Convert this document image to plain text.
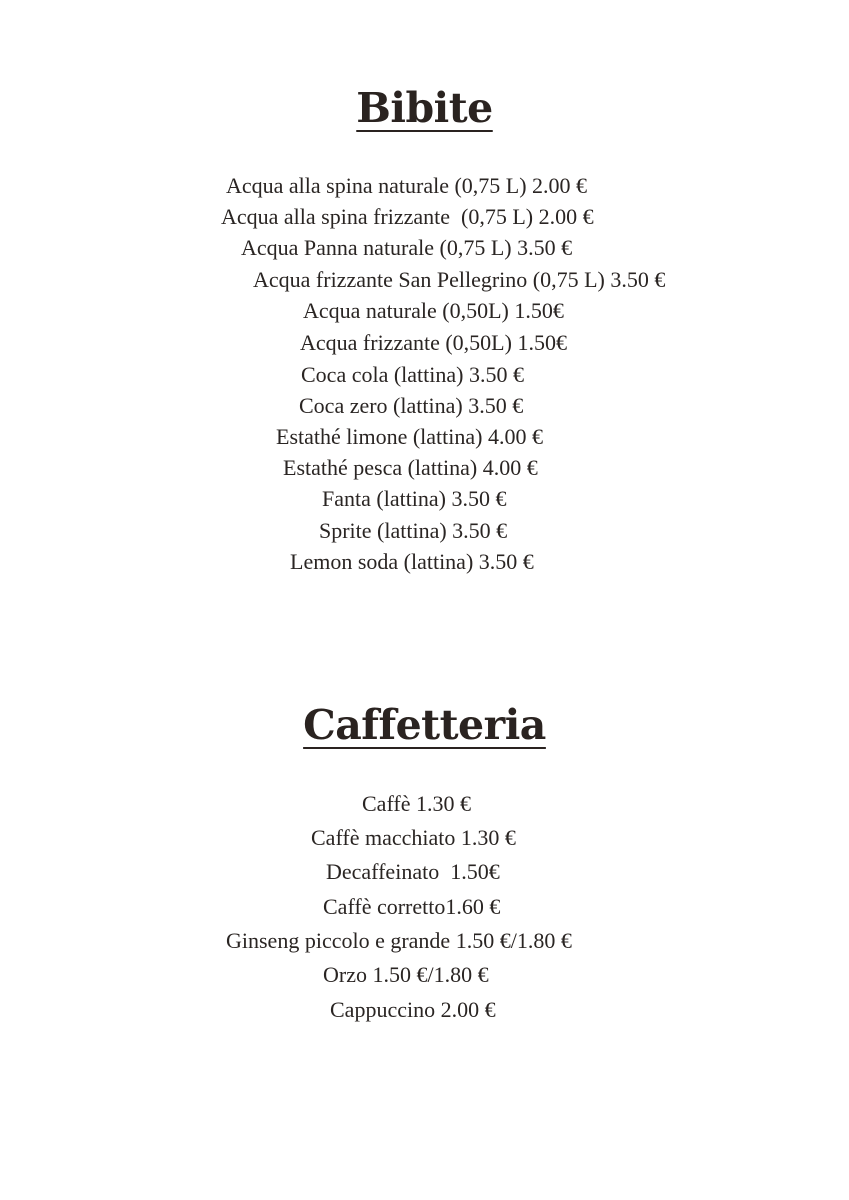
Bibite
Acqua alla spina naturale (0,75 L) 2.00 €
Acqua alla spina frizzante  (0,75 L) 2.00 €
Acqua Panna naturale (0,75 L) 3.50 €
Acqua frizzante San Pellegrino (0,75 L) 3.50 €
Acqua naturale (0,50L) 1.50€
Acqua frizzante (0,50L) 1.50€
Coca cola (lattina) 3.50 €
Coca zero (lattina) 3.50 €
Estathé limone (lattina) 4.00 €
Estathé pesca (lattina) 4.00 €
Fanta (lattina) 3.50 €
Sprite (lattina) 3.50 €
Lemon soda (lattina) 3.50 €
Caffetteria
Caffè 1.30 €
Caffè macchiato 1.30 €
Decaffeinato  1.50€
Caffè corretto1.60 €
Ginseng piccolo e grande 1.50 €/1.80 €
Orzo 1.50 €/1.80 €
Cappuccino 2.00 €
